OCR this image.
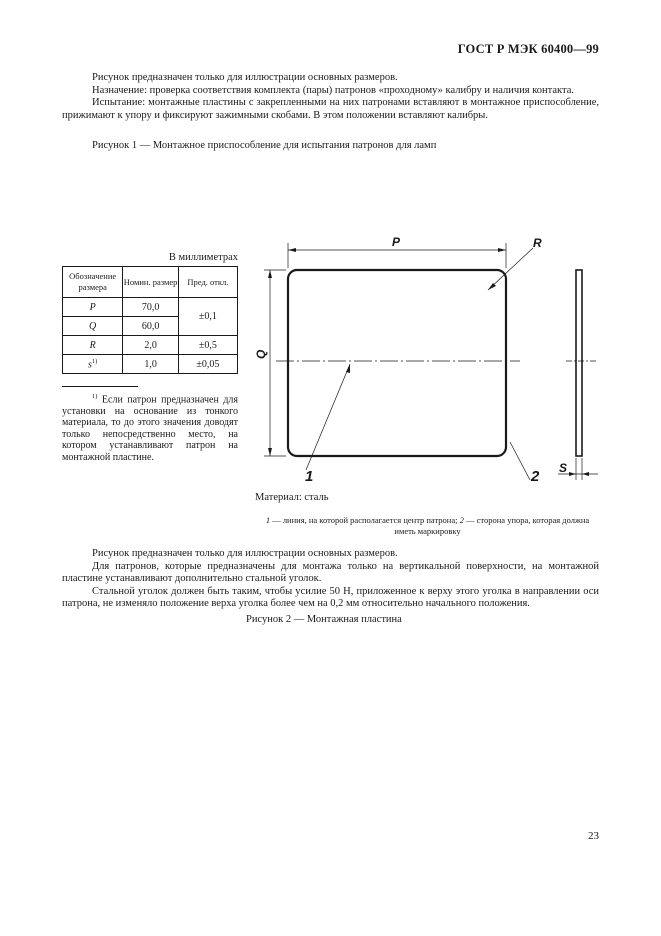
ГОСТ Р МЭК 60400—99

Рисунок предназначен только для иллюстрации основных размеров.

Назначение: проверка соответствия комплекта (пары) патронов «проходному» калибру и наличия контакта.

Испытание: монтажные пластины с закрепленными на них патронами вставляют в монтажное приспособление, прижимают к упору и фиксируют зажимными скобами. В этом положении вставляют калибры.

Рисунок 1 — Монтажное приспособление для испытания патронов для ламп
В миллиметрах
Обозначение размера	Номин. размер	Пред. откл.
P	70,0	±0,1
Q	60,0	
R	2,0	±0,5
$s^{1)}$	1,0	±0,05
$^{1)}$ Если патрон предназначен для установки на основание из тонкого материала, то до этого значения доводят только непосредственно место, на котором устанавливают патрон на монтажной пластине.
P	R
Q
1	2 S
Материал: сталь
1 — линия, на которой располагается центр патрона; 2 — сторона упора, которая должна иметь маркировку

Рисунок предназначен только для иллюстрации основных размеров.

Для патронов, которые предназначены для монтажа только на вертикальной поверхности, на монтажной пластине устанавливают дополнительно стальной уголок.

Стальной уголок должен быть таким, чтобы усилие 50 Н, приложенное к верху этого уголка в направлении оси патрона, не изменяло положение верха уголка более чем на 0,2 мм относительно начального положения.

Рисунок 2 — Монтажная пластина
23
